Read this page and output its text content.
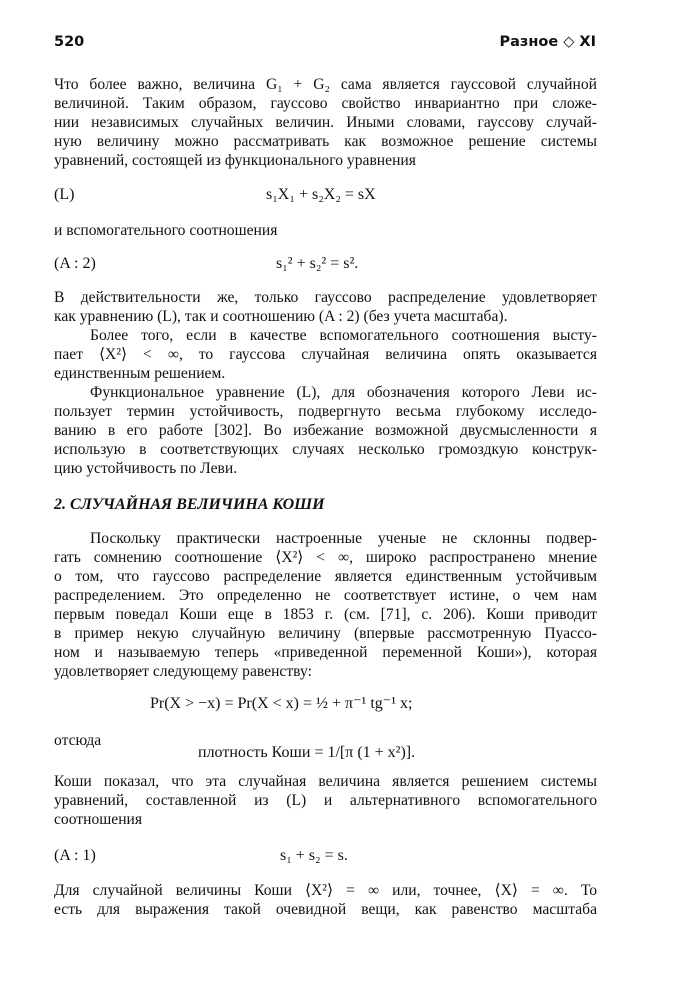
520	Разное ◇ XI
Что более важно, величина G₁ + G₂ сама является гауссовой случайной
величиной. Таким образом, гауссово свойство инвариантно при сложе-
нии независимых случайных величин. Иными словами, гауссову случай-
ную величину можно рассматривать как возможное решение системы
уравнений, состоящей из функционального уравнения
(L)	s₁X₁ + s₂X₂ = sX
и вспомогательного соотношения
(A : 2)	s₁² + s₂² = s².
В действительности же, только гауссово распределение удовлетворяет
как уравнению (L), так и соотношению (A : 2) (без учета масштаба).
Более того, если в качестве вспомогательного соотношения высту-
пает ⟨X²⟩ < ∞, то гауссова случайная величина опять оказывается
единственным решением.
Функциональное уравнение (L), для обозначения которого Леви ис-
пользует термин устойчивость, подвергнуто весьма глубокому исследо-
ванию в его работе [302]. Во избежание возможной двусмысленности я
использую в соответствующих случаях несколько громоздкую конструк-
цию устойчивость по Леви.
2. СЛУЧАЙНАЯ ВЕЛИЧИНА КОШИ
Поскольку практически настроенные ученые не склонны подвер-
гать сомнению соотношение ⟨X²⟩ < ∞, широко распространено мнение
о том, что гауссово распределение является единственным устойчивым
распределением. Это определенно не соответствует истине, о чем нам
первым поведал Коши еще в 1853 г. (см. [71], с. 206). Коши приводит
в пример некую случайную величину (впервые рассмотренную Пуассо-
ном и называемую теперь «приведенной переменной Коши»), которая
удовлетворяет следующему равенству:
Pr(X > −x) = Pr(X < x) = ½ + π⁻¹ tg⁻¹ x;
отсюда
плотность Коши = 1/[π (1 + x²)].
Коши показал, что эта случайная величина является решением системы
уравнений, составленной из (L) и альтернативного вспомогательного
соотношения
(A : 1)	s₁ + s₂ = s.
Для случайной величины Коши ⟨X²⟩ = ∞ или, точнее, ⟨X⟩ = ∞. То
есть для выражения такой очевидной вещи, как равенство масштаба
